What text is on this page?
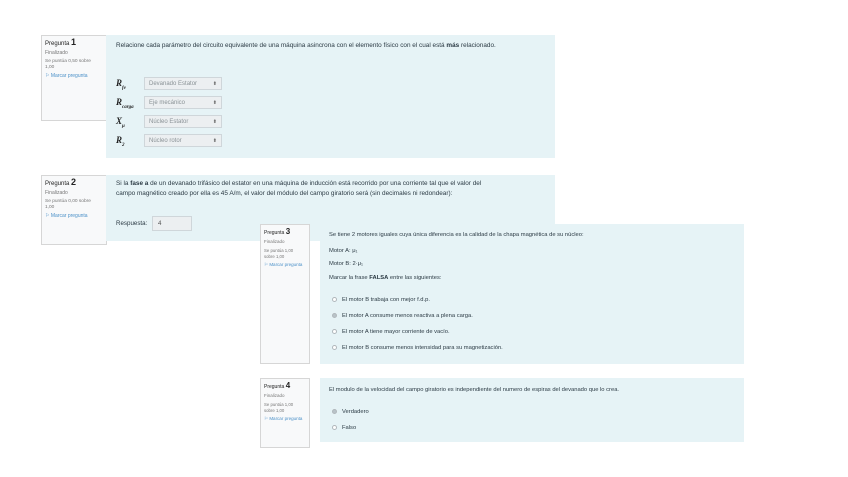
Pregunta 1
Finalizado
Se puntúa 0,50 sobre 1,00
⚐ Marcar pregunta
Relacione cada parámetro del circuito equivalente de una máquina asincrona con el elemento físico con el cual está más relacionado.
$R_{fe}$
Devanado Estator	⬍
$R_{carga}$
Eje mecánico	⬍
$X_\mu$
Núcleo Estator	⬍
$R_2$
Núcleo rotor	⬍
Pregunta 2
Finalizado
Se puntúa 0,00 sobre 1,00
⚐ Marcar pregunta
Si la fase a de un devanado trifásico del estator en una máquina de inducción está recorrido por una corriente tal que el valor del
campo magnético creado por ella es 45 A/m, el valor del módulo del campo giratorio será (sin decimales ni redondear):
Respuesta:	4
Pregunta 3
Finalizado
Se puntúa 1,00 sobre 1,00
⚐ Marcar pregunta
Se tiene 2 motores iguales cuya única diferencia es la calidad de la chapa magnética de su núcleo:
Motor A: μ₁
Motor B: 2·μ₁
Marcar la frase FALSA entre las siguientes:
El motor B trabaja con mejor f.d.p.
El motor A consume menos reactiva a plena carga.
El motor A tiene mayor corriente de vacío.
El motor B consume menos intensidad para su magnetización.
Pregunta 4
Finalizado
Se puntúa 1,00 sobre 1,00
⚐ Marcar pregunta
El modulo de la velocidad del campo giratorio es independiente del numero de espiras del devanado que lo crea.
Verdadero
Falso
